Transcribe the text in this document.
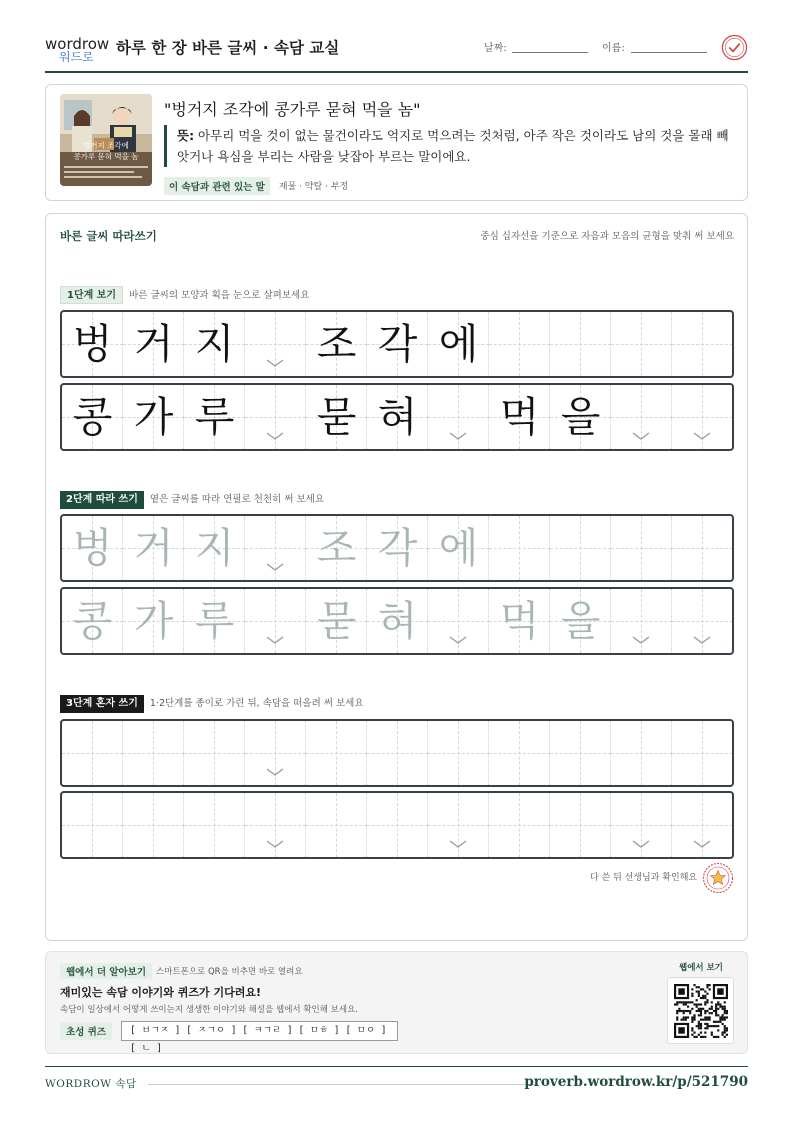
wordrow
워드로 하루 한 장 바른 글씨 · 속담 교실	날짜:	이름:
벙거지 조각에
콩가루 묻혀 먹을 놈
"벙거지 조각에 콩가루 묻혀 먹을 놈"
뜻: 아무리 먹을 것이 없는 물건이라도 억지로 먹으려는 것처럼, 아주 작은 것이라도 남의 것을 몰래 빼앗거나 욕심을 부리는 사람을 낮잡아 부르는 말이에요.
이 속담과 관련 있는 말 재물 · 약탈 · 부정
바른 글씨 따라쓰기	중심 십자선을 기준으로 자음과 모음의 균형을 맞춰 써 보세요
1단계 보기 바른 글씨의 모양과 획을 눈으로 살펴보세요
벙 거 지 조 각 에
콩 가 루 묻 혀 먹 을
2단계 따라 쓰기 옅은 글씨를 따라 연필로 천천히 써 보세요
벙 거 지 조 각 에
콩 가 루 묻 혀 먹 을
3단계 혼자 쓰기 1·2단계를 종이로 가린 뒤, 속담을 떠올려 써 보세요
다 쓴 뒤 선생님과 확인해요
웹에서 더 알아보기	스마트폰으로 QR을 비추면 바로 열려요
재미있는 속담 이야기와 퀴즈가 기다려요!
속담이 일상에서 어떻게 쓰이는지 생생한 이야기와 해설을 웹에서 확인해 보세요.
초성 퀴즈	[ ㅂㄱㅈ ] [ ㅈㄱㅇ ] [ ㅋㄱㄹ ] [ ㅁㅎ ] [ ㅁㅇ ] [ ㄴ ]
웹에서 보기
WORDROW 속담	proverb.wordrow.kr/p/521790
